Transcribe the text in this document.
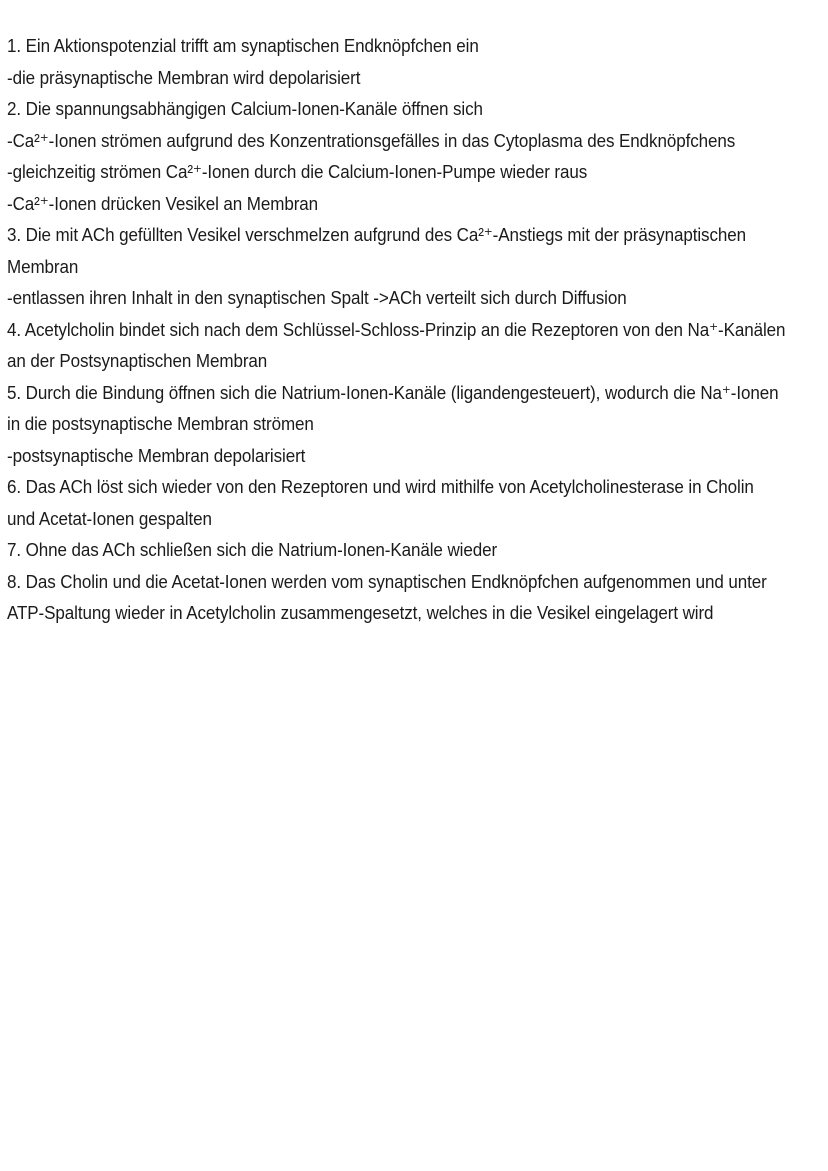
1. Ein Aktionspotenzial trifft am synaptischen Endknöpfchen ein
-die präsynaptische Membran wird depolarisiert
2. Die spannungsabhängigen Calcium-Ionen-Kanäle öffnen sich
-Ca²⁺-Ionen strömen aufgrund des Konzentrationsgefälles in das Cytoplasma des Endknöpfchens
-gleichzeitig strömen Ca²⁺-Ionen durch die Calcium-Ionen-Pumpe wieder raus
-Ca²⁺-Ionen drücken Vesikel an Membran
3. Die mit ACh gefüllten Vesikel verschmelzen aufgrund des Ca²⁺-Anstiegs mit der präsynaptischen
Membran
-entlassen ihren Inhalt in den synaptischen Spalt ->ACh verteilt sich durch Diffusion
4. Acetylcholin bindet sich nach dem Schlüssel-Schloss-Prinzip an die Rezeptoren von den Na⁺-Kanälen
an der Postsynaptischen Membran
5. Durch die Bindung öffnen sich die Natrium-Ionen-Kanäle (ligandengesteuert), wodurch die Na⁺-Ionen
in die postsynaptische Membran strömen
-postsynaptische Membran depolarisiert
6. Das ACh löst sich wieder von den Rezeptoren und wird mithilfe von Acetylcholinesterase in Cholin
und Acetat-Ionen gespalten
7. Ohne das ACh schließen sich die Natrium-Ionen-Kanäle wieder
8. Das Cholin und die Acetat-Ionen werden vom synaptischen Endknöpfchen aufgenommen und unter
ATP-Spaltung wieder in Acetylcholin zusammengesetzt, welches in die Vesikel eingelagert wird
